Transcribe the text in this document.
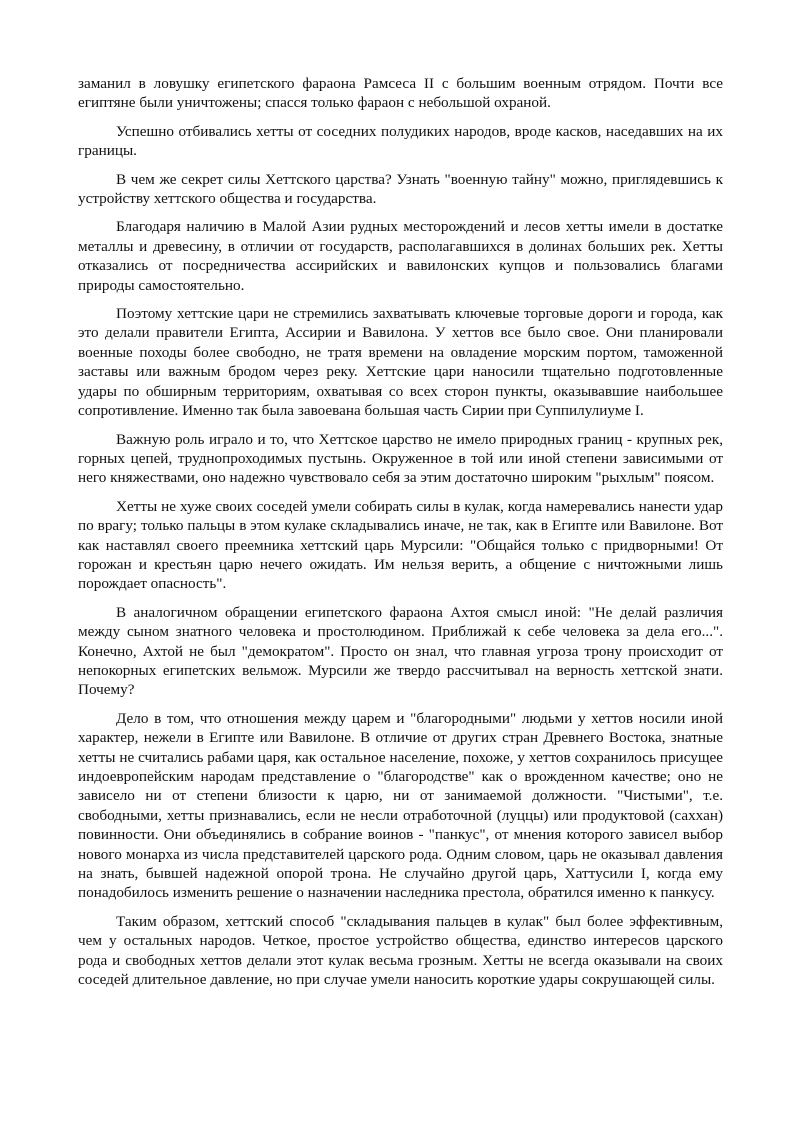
заманил в ловушку египетского фараона Рамсеса II с большим военным отрядом. Почти все египтяне были уничтожены; спасся только фараон с небольшой охраной.

Успешно отбивались хетты от соседних полудиких народов, вроде касков, наседавших на их границы.

В чем же секрет силы Хеттского царства? Узнать "военную тайну" можно, приглядевшись к устройству хеттского общества и государства.

Благодаря наличию в Малой Азии рудных месторождений и лесов хетты имели в достатке металлы и древесину, в отличии от государств, располагавшихся в долинах больших рек. Хетты отказались от посредничества ассирийских и вавилонских купцов и пользовались благами природы самостоятельно.

Поэтому хеттские цари не стремились захватывать ключевые торговые дороги и города, как это делали правители Египта, Ассирии и Вавилона. У хеттов все было свое. Они планировали военные походы более свободно, не тратя времени на овладение морским портом, таможенной заставы или важным бродом через реку. Хеттские цари наносили тщательно подготовленные удары по обширным территориям, охватывая со всех сторон пункты, оказывавшие наибольшее сопротивление. Именно так была завоевана большая часть Сирии при Суппилулиуме I.

Важную роль играло и то, что Хеттское царство не имело природных границ - крупных рек, горных цепей, труднопроходимых пустынь. Окруженное в той или иной степени зависимыми от него княжествами, оно надежно чувствовало себя за этим достаточно широким "рыхлым" поясом.

Хетты не хуже своих соседей умели собирать силы в кулак, когда намеревались нанести удар по врагу; только пальцы в этом кулаке складывались иначе, не так, как в Египте или Вавилоне. Вот как наставлял своего преемника хеттский царь Мурсили: "Общайся только с придворными! От горожан и крестьян царю нечего ожидать. Им нельзя верить, а общение с ничтожными лишь порождает опасность".

В аналогичном обращении египетского фараона Ахтоя смысл иной: "Не делай различия между сыном знатного человека и простолюдином. Приближай к себе человека за дела его...". Конечно, Ахтой не был "демократом". Просто он знал, что главная угроза трону происходит от непокорных египетских вельмож. Мурсили же твердо рассчитывал на верность хеттской знати. Почему?

Дело в том, что отношения между царем и "благородными" людьми у хеттов носили иной характер, нежели в Египте или Вавилоне. В отличие от других стран Древнего Востока, знатные хетты не считались рабами царя, как остальное население, похоже, у хеттов сохранилось присущее индоевропейским народам представление о "благородстве" как о врожденном качестве; оно не зависело ни от степени близости к царю, ни от занимаемой должности. "Чистыми", т.е. свободными, хетты признавались, если не несли отработочной (луццы) или продуктовой (саххан) повинности. Они объединялись в собрание воинов - "панкус", от мнения которого зависел выбор нового монарха из числа представителей царского рода. Одним словом, царь не оказывал давления на знать, бывшей надежной опорой трона. Не случайно другой царь, Хаттусили I, когда ему понадобилось изменить решение о назначении наследника престола, обратился именно к панкусу.

Таким образом, хеттский способ "складывания пальцев в кулак" был более эффективным, чем у остальных народов. Четкое, простое устройство общества, единство интересов царского рода и свободных хеттов делали этот кулак весьма грозным. Хетты не всегда оказывали на своих соседей длительное давление, но при случае умели наносить короткие удары сокрушающей силы.
